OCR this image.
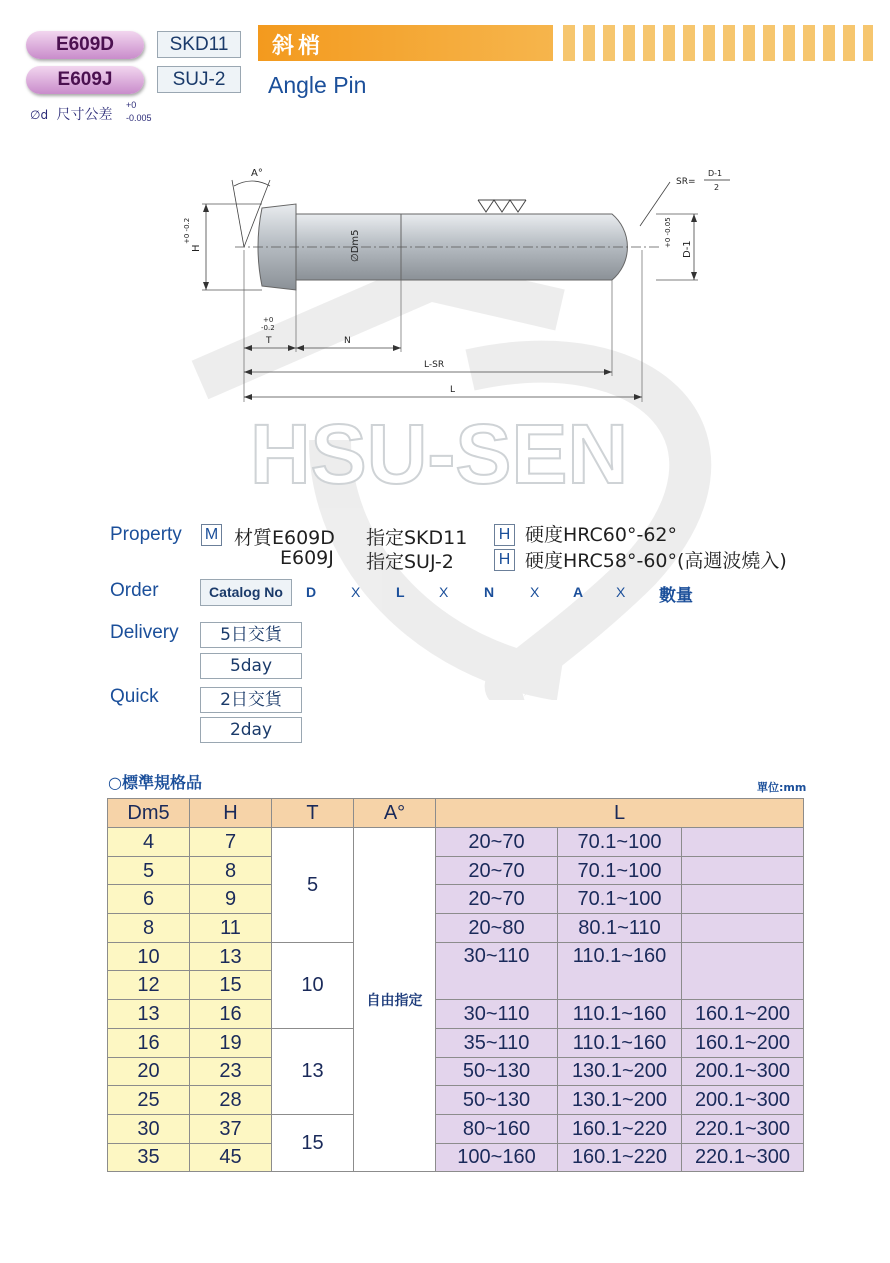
E609D
E609J
SKD11
SUJ-2
∅d 尺寸公差
+0
-0.005
斜梢
Angle Pin
HSU-SEN
A°
H
+0 -0.2	∅Dm5
SR=
D-1
2
D-1
+0 -0.05
+0
-0.2
T	N
L-SR
L
Property M 材質E609D 指定SKD11 H 硬度HRC60°-62°
E609J 指定SUJ-2	H 硬度HRC58°-60°(高週波燒入)
Order	Catalog No	D X	L X	N	X A X 數量
Delivery	5日交貨
5day
Quick	2日交貨
2day
○標準規格品	單位:mm
Dm5	H	T	A°	L		
4	7	5	自由指定	20~70	70.1~100	
5	8			20~70	70.1~100	
6	9			20~70	70.1~100	
8	11			20~80	80.1~110	
10	13	10		30~110	110.1~160	
12	15					
13	16			30~110	110.1~160	160.1~200
16	19	13		35~110	110.1~160	160.1~200
20	23			50~130	130.1~200	200.1~300
25	28			50~130	130.1~200	200.1~300
30	37	15		80~160	160.1~220	220.1~300
35	45			100~160	160.1~220	220.1~300
